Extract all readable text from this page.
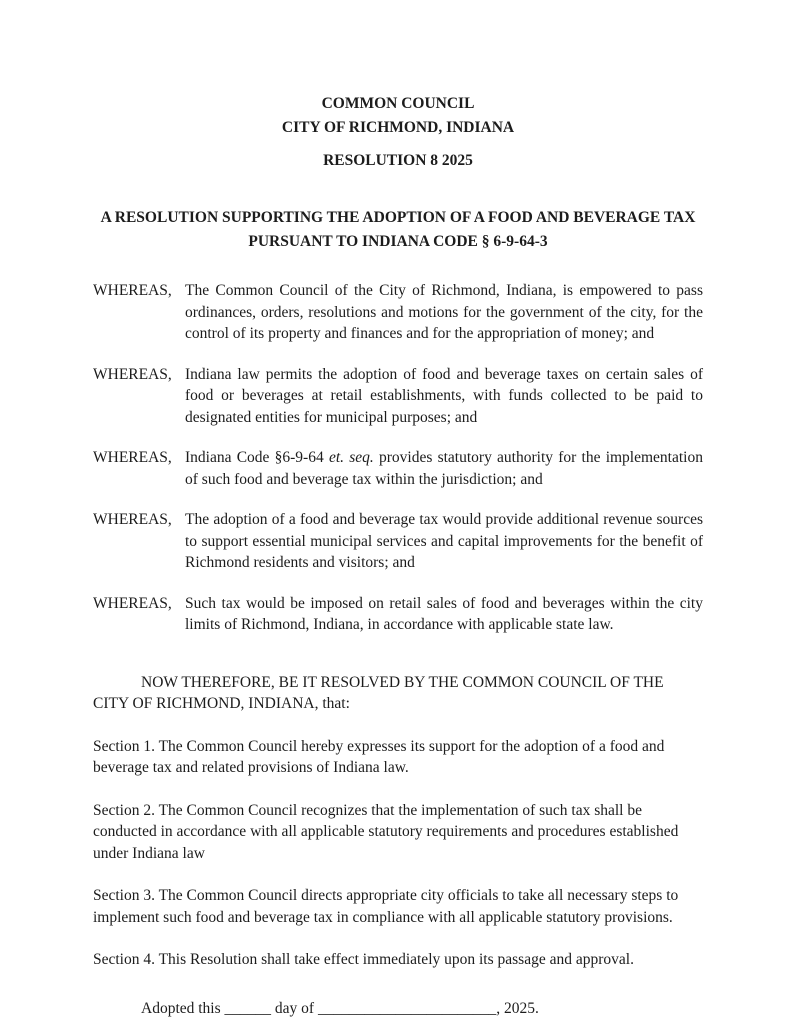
COMMON COUNCIL
CITY OF RICHMOND, INDIANA
RESOLUTION 8 2025
A RESOLUTION SUPPORTING THE ADOPTION OF A FOOD AND BEVERAGE TAX PURSUANT TO INDIANA CODE § 6-9-64-3
WHEREAS, The Common Council of the City of Richmond, Indiana, is empowered to pass ordinances, orders, resolutions and motions for the government of the city, for the control of its property and finances and for the appropriation of money; and

WHEREAS, Indiana law permits the adoption of food and beverage taxes on certain sales of food or beverages at retail establishments, with funds collected to be paid to designated entities for municipal purposes; and

WHEREAS, Indiana Code §6-9-64 et. seq. provides statutory authority for the implementation of such food and beverage tax within the jurisdiction; and

WHEREAS, The adoption of a food and beverage tax would provide additional revenue sources to support essential municipal services and capital improvements for the benefit of Richmond residents and visitors; and

WHEREAS, Such tax would be imposed on retail sales of food and beverages within the city limits of Richmond, Indiana, in accordance with applicable state law.

NOW THEREFORE, BE IT RESOLVED BY THE COMMON COUNCIL OF THE CITY OF RICHMOND, INDIANA, that:

Section 1. The Common Council hereby expresses its support for the adoption of a food and beverage tax and related provisions of Indiana law.

Section 2. The Common Council recognizes that the implementation of such tax shall be conducted in accordance with all applicable statutory requirements and procedures established under Indiana law

Section 3. The Common Council directs appropriate city officials to take all necessary steps to implement such food and beverage tax in compliance with all applicable statutory provisions.

Section 4. This Resolution shall take effect immediately upon its passage and approval.

Adopted this ______ day of _______________________, 2025.
